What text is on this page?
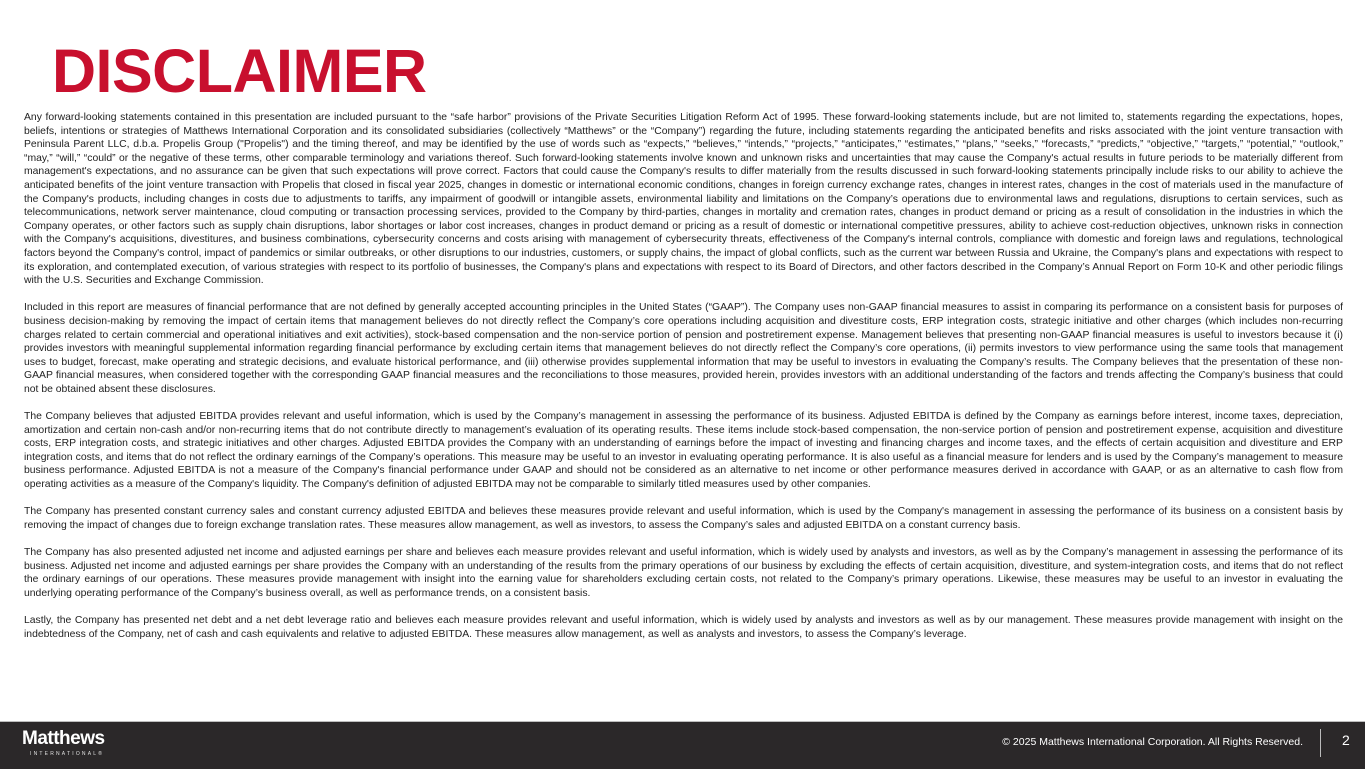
DISCLAIMER

Any forward-looking statements contained in this presentation are included pursuant to the “safe harbor” provisions of the Private Securities Litigation Reform Act of 1995. These forward-looking statements include, but are not limited to, statements regarding the expectations, hopes, beliefs, intentions or strategies of Matthews International Corporation and its consolidated subsidiaries (collectively “Matthews” or the “Company”) regarding the future, including statements regarding the anticipated benefits and risks associated with the joint venture transaction with Peninsula Parent LLC, d.b.a. Propelis Group ("Propelis") and the timing thereof, and may be identified by the use of words such as “expects,” “believes,” “intends,” “projects,” “anticipates,” “estimates,” “plans,” “seeks,” “forecasts,” “predicts,” “objective,” “targets,” “potential,” “outlook,” “may,” “will,” “could” or the negative of these terms, other comparable terminology and variations thereof. Such forward-looking statements involve known and unknown risks and uncertainties that may cause the Company's actual results in future periods to be materially different from management's expectations, and no assurance can be given that such expectations will prove correct. Factors that could cause the Company's results to differ materially from the results discussed in such forward-looking statements principally include risks to our ability to achieve the anticipated benefits of the joint venture transaction with Propelis that closed in fiscal year 2025, changes in domestic or international economic conditions, changes in foreign currency exchange rates, changes in interest rates, changes in the cost of materials used in the manufacture of the Company's products, including changes in costs due to adjustments to tariffs, any impairment of goodwill or intangible assets, environmental liability and limitations on the Company’s operations due to environmental laws and regulations, disruptions to certain services, such as telecommunications, network server maintenance, cloud computing or transaction processing services, provided to the Company by third-parties, changes in mortality and cremation rates, changes in product demand or pricing as a result of consolidation in the industries in which the Company operates, or other factors such as supply chain disruptions, labor shortages or labor cost increases, changes in product demand or pricing as a result of domestic or international competitive pressures, ability to achieve cost-reduction objectives, unknown risks in connection with the Company's acquisitions, divestitures, and business combinations, cybersecurity concerns and costs arising with management of cybersecurity threats, effectiveness of the Company's internal controls, compliance with domestic and foreign laws and regulations, technological factors beyond the Company's control, impact of pandemics or similar outbreaks, or other disruptions to our industries, customers, or supply chains, the impact of global conflicts, such as the current war between Russia and Ukraine, the Company's plans and expectations with respect to its exploration, and contemplated execution, of various strategies with respect to its portfolio of businesses, the Company's plans and expectations with respect to its Board of Directors, and other factors described in the Company’s Annual Report on Form 10-K and other periodic filings with the U.S. Securities and Exchange Commission.

Included in this report are measures of financial performance that are not defined by generally accepted accounting principles in the United States (“GAAP”). The Company uses non-GAAP financial measures to assist in comparing its performance on a consistent basis for purposes of business decision-making by removing the impact of certain items that management believes do not directly reflect the Company’s core operations including acquisition and divestiture costs, ERP integration costs, strategic initiative and other charges (which includes non-recurring charges related to certain commercial and operational initiatives and exit activities), stock-based compensation and the non-service portion of pension and postretirement expense. Management believes that presenting non-GAAP financial measures is useful to investors because it (i) provides investors with meaningful supplemental information regarding financial performance by excluding certain items that management believes do not directly reflect the Company’s core operations, (ii) permits investors to view performance using the same tools that management uses to budget, forecast, make operating and strategic decisions, and evaluate historical performance, and (iii) otherwise provides supplemental information that may be useful to investors in evaluating the Company’s results. The Company believes that the presentation of these non-GAAP financial measures, when considered together with the corresponding GAAP financial measures and the reconciliations to those measures, provided herein, provides investors with an additional understanding of the factors and trends affecting the Company’s business that could not be obtained absent these disclosures.

The Company believes that adjusted EBITDA provides relevant and useful information, which is used by the Company’s management in assessing the performance of its business. Adjusted EBITDA is defined by the Company as earnings before interest, income taxes, depreciation, amortization and certain non-cash and/or non-recurring items that do not contribute directly to management’s evaluation of its operating results. These items include stock-based compensation, the non-service portion of pension and postretirement expense, acquisition and divestiture costs, ERP integration costs, and strategic initiatives and other charges. Adjusted EBITDA provides the Company with an understanding of earnings before the impact of investing and financing charges and income taxes, and the effects of certain acquisition and divestiture and ERP integration costs, and items that do not reflect the ordinary earnings of the Company’s operations. This measure may be useful to an investor in evaluating operating performance. It is also useful as a financial measure for lenders and is used by the Company’s management to measure business performance. Adjusted EBITDA is not a measure of the Company's financial performance under GAAP and should not be considered as an alternative to net income or other performance measures derived in accordance with GAAP, or as an alternative to cash flow from operating activities as a measure of the Company's liquidity. The Company's definition of adjusted EBITDA may not be comparable to similarly titled measures used by other companies.

The Company has presented constant currency sales and constant currency adjusted EBITDA and believes these measures provide relevant and useful information, which is used by the Company's management in assessing the performance of its business on a consistent basis by removing the impact of changes due to foreign exchange translation rates. These measures allow management, as well as investors, to assess the Company’s sales and adjusted EBITDA on a constant currency basis.

The Company has also presented adjusted net income and adjusted earnings per share and believes each measure provides relevant and useful information, which is widely used by analysts and investors, as well as by the Company’s management in assessing the performance of its business. Adjusted net income and adjusted earnings per share provides the Company with an understanding of the results from the primary operations of our business by excluding the effects of certain acquisition, divestiture, and system-integration costs, and items that do not reflect the ordinary earnings of our operations. These measures provide management with insight into the earning value for shareholders excluding certain costs, not related to the Company’s primary operations. Likewise, these measures may be useful to an investor in evaluating the underlying operating performance of the Company’s business overall, as well as performance trends, on a consistent basis.

Lastly, the Company has presented net debt and a net debt leverage ratio and believes each measure provides relevant and useful information, which is widely used by analysts and investors as well as by our management. These measures provide management with insight on the indebtedness of the Company, net of cash and cash equivalents and relative to adjusted EBITDA. These measures allow management, as well as analysts and investors, to assess the Company’s leverage.

Matthews
INTERNATIONAL®
© 2025 Matthews International Corporation. All Rights Reserved.	2
